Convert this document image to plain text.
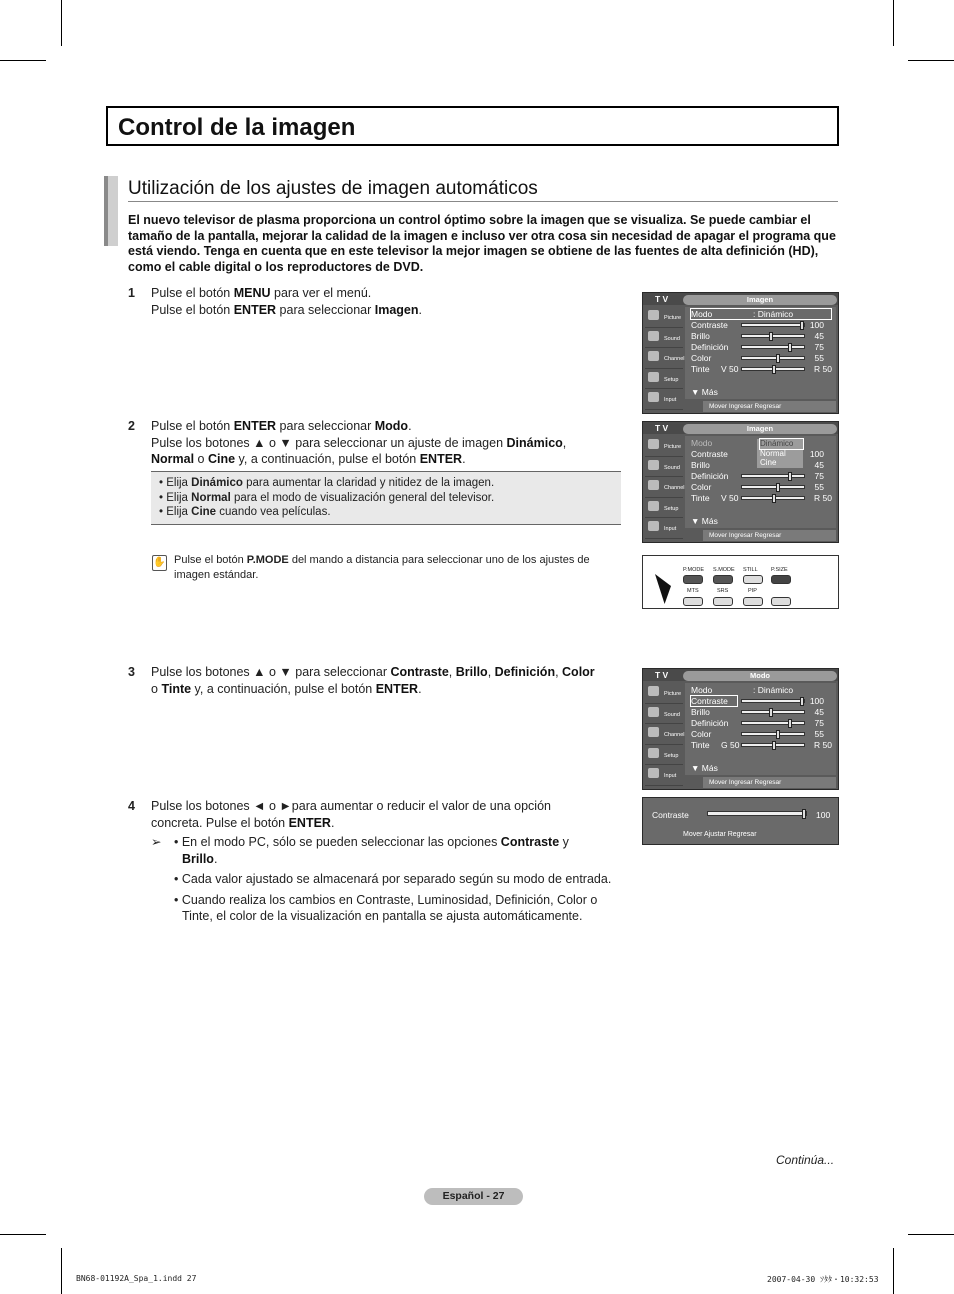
Control de la imagen
Utilización de los ajustes de imagen automáticos
El nuevo televisor de plasma proporciona un control óptimo sobre la imagen que se visualiza. Se puede cambiar el tamaño de la pantalla, mejorar la calidad de la imagen e incluso ver otra cosa sin necesidad de apagar el programa que está viendo. Tenga en cuenta que en este televisor la mejor imagen se obtiene de las fuentes de alta definición (HD), como el cable digital o los reproductores de DVD.
1 Pulse el botón MENU para ver el menú.
Pulse el botón ENTER para seleccionar Imagen.
2 Pulse el botón ENTER para seleccionar Modo.
Pulse los botones ▲ o ▼ para seleccionar un ajuste de imagen Dinámico,
Normal o Cine y, a continuación, pulse el botón ENTER.
• Elija Dinámico para aumentar la claridad y nitidez de la imagen.
• Elija Normal para el modo de visualización general del televisor.
• Elija Cine cuando vea películas.
✋ Pulse el botón P.MODE del mando a distancia para seleccionar uno de los ajustes de imagen estándar.
3 Pulse los botones ▲ o ▼ para seleccionar Contraste, Brillo, Definición, Color
o Tinte y, a continuación, pulse el botón ENTER.
4 Pulse los botones ◄ o ►para aumentar o reducir el valor de una opción
concreta. Pulse el botón ENTER.
➢ • En el modo PC, sólo se pueden seleccionar las opciones Contraste y
Brillo.
• Cada valor ajustado se almacenará por separado según su modo de entrada.
• Cuando realiza los cambios en Contraste, Luminosidad, Definición, Color o Tinte, el color de la visualización en pantalla se ajusta automáticamente.
T V	Imagen
Picture
Sound
Channel
Setup
Input
Modo	: Dinámico
Contraste	100
Brillo	45
Definición	75
Color	55
Tinte V 50	R 50
▼ Más
Mover Ingresar Regresar
T V	Imagen
Picture
Sound
Channel
Setup
Input
Modo
Contraste	100
Brillo	45
Definición	75
Color	55
Tinte V 50	R 50
Dinámico
Normal
Cine
▼ Más
Mover Ingresar Regresar
P.MODE S.MODE STILL P.SIZE
MTS	SRS	PIP
T V	Modo
Picture
Sound
Channel
Setup
Input
Modo	: Dinámico
Contraste	100
Brillo	45
Definición	75
Color	55
Tinte G 50	R 50
▼ Más
Mover Ingresar Regresar
Contraste	100
Mover Ajustar Regresar
Continúa...
Español - 27
BN68-01192A_Spa_1.indd 27	2007-04-30 ｿﾀﾀ・10:32:53
